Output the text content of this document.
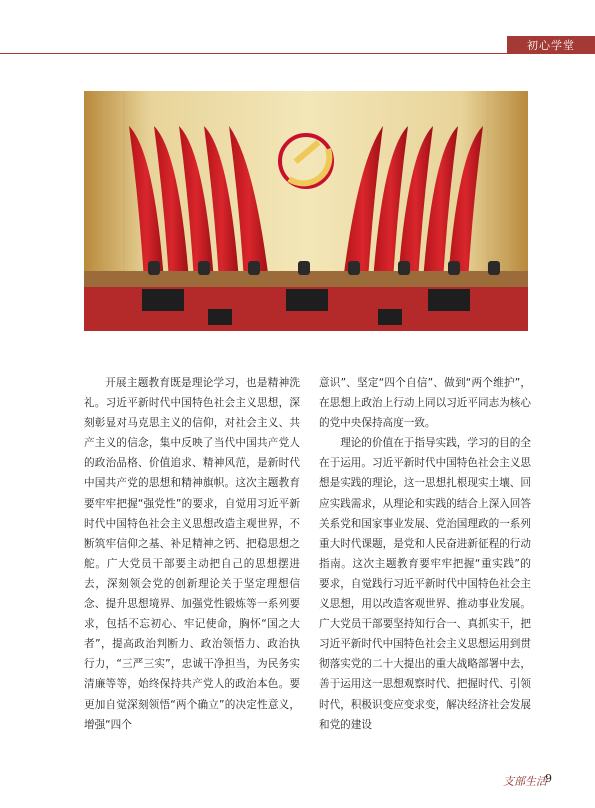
初心学堂

开展主题教育既是理论学习，也是精神洗礼。习近平新时代中国特色社会主义思想，深刻彰显对马克思主义的信仰，对社会主义、共产主义的信念，集中反映了当代中国共产党人的政治品格、价值追求、精神风范，是新时代中国共产党的思想和精神旗帜。这次主题教育要牢牢把握“强党性”的要求，自觉用习近平新时代中国特色社会主义思想改造主观世界，不断筑牢信仰之基、补足精神之钙、把稳思想之舵。广大党员干部要主动把自己的思想摆进去，深刻领会党的创新理论关于坚定理想信念、提升思想境界、加强党性锻炼等一系列要求，包括不忘初心、牢记使命，胸怀“国之大者”，提高政治判断力、政治领悟力、政治执行力，“三严三实”，忠诚干净担当，为民务实清廉等等，始终保持共产党人的政治本色。要更加自觉深刻领悟“两个确立”的决定性意义，增强“四个

意识”、坚定“四个自信”、做到“两个维护”，在思想上政治上行动上同以习近平同志为核心的党中央保持高度一致。

理论的价值在于指导实践，学习的目的全在于运用。习近平新时代中国特色社会主义思想是实践的理论，这一思想扎根现实土壤、回应实践需求，从理论和实践的结合上深入回答关系党和国家事业发展、党治国理政的一系列重大时代课题，是党和人民奋进新征程的行动指南。这次主题教育要牢牢把握“重实践”的要求，自觉践行习近平新时代中国特色社会主义思想，用以改造客观世界、推动事业发展。广大党员干部要坚持知行合一、真抓实干，把习近平新时代中国特色社会主义思想运用到贯彻落实党的二十大提出的重大战略部署中去，善于运用这一思想观察时代、把握时代、引领时代，积极识变应变求变，解决经济社会发展和党的建设

支部生活
9
